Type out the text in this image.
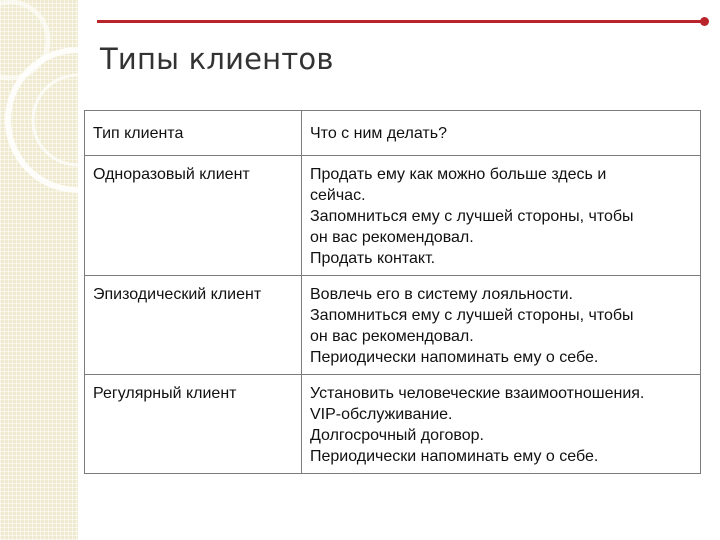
Типы клиентов
Тип клиента	Что с ним делать?
Одноразовый клиент	Продать ему как можно больше здесь и
сейчас.
Запомниться ему с лучшей стороны, чтобы
он вас рекомендовал.
Продать контакт.

Эпизодический клиент	Вовлечь его в систему лояльности.
Запомниться ему с лучшей стороны, чтобы
он вас рекомендовал.
Периодически напоминать ему о себе.

Регулярный клиент	Установить человеческие взаимоотношения.
VIP-обслуживание.
Долгосрочный договор.
Периодически напоминать ему о себе.
